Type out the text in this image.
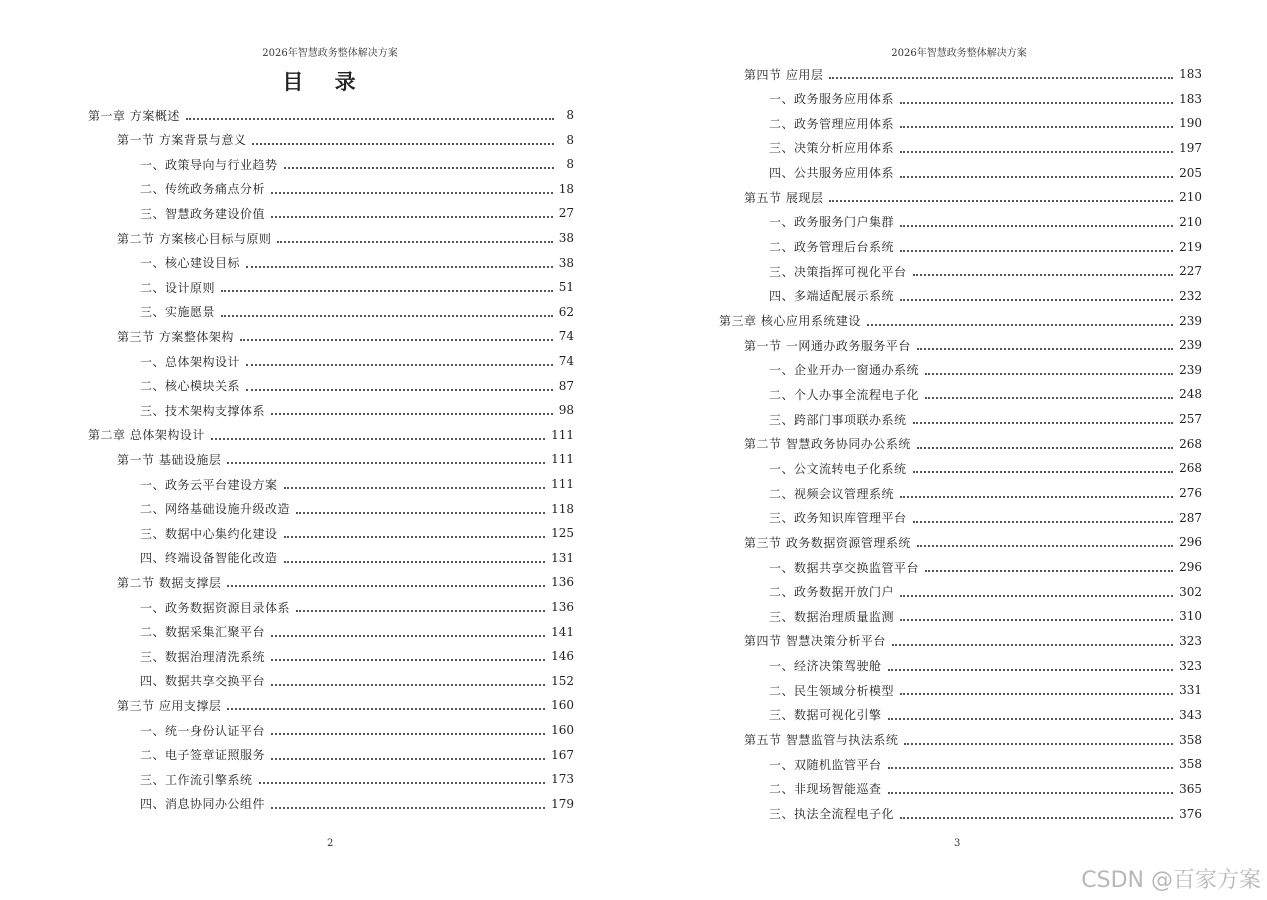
2026年智慧政务整体解决方案
目 录
第一章 方案概述	8
第一节 方案背景与意义	8
一、政策导向与行业趋势	8
二、传统政务痛点分析	18
三、智慧政务建设价值	27
第二节 方案核心目标与原则	38
一、核心建设目标	38
二、设计原则	51
三、实施愿景	62
第三节 方案整体架构	74
一、总体架构设计	74
二、核心模块关系	87
三、技术架构支撑体系	98
第二章 总体架构设计	111
第一节 基础设施层	111
一、政务云平台建设方案	111
二、网络基础设施升级改造	118
三、数据中心集约化建设	125
四、终端设备智能化改造	131
第二节 数据支撑层	136
一、政务数据资源目录体系	136
二、数据采集汇聚平台	141
三、数据治理清洗系统	146
四、数据共享交换平台	152
第三节 应用支撑层	160
一、统一身份认证平台	160
二、电子签章证照服务	167
三、工作流引擎系统	173
四、消息协同办公组件	179
2
2026年智慧政务整体解决方案
第四节 应用层	183
一、政务服务应用体系	183
二、政务管理应用体系	190
三、决策分析应用体系	197
四、公共服务应用体系	205
第五节 展现层	210
一、政务服务门户集群	210
二、政务管理后台系统	219
三、决策指挥可视化平台	227
四、多端适配展示系统	232
第三章 核心应用系统建设	239
第一节 一网通办政务服务平台	239
一、企业开办一窗通办系统	239
二、个人办事全流程电子化	248
三、跨部门事项联办系统	257
第二节 智慧政务协同办公系统	268
一、公文流转电子化系统	268
二、视频会议管理系统	276
三、政务知识库管理平台	287
第三节 政务数据资源管理系统	296
一、数据共享交换监管平台	296
二、政务数据开放门户	302
三、数据治理质量监测	310
第四节 智慧决策分析平台	323
一、经济决策驾驶舱	323
二、民生领域分析模型	331
三、数据可视化引擎	343
第五节 智慧监管与执法系统	358
一、双随机监管平台	358
二、非现场智能巡查	365
三、执法全流程电子化	376
3
CSDN @百家方案
